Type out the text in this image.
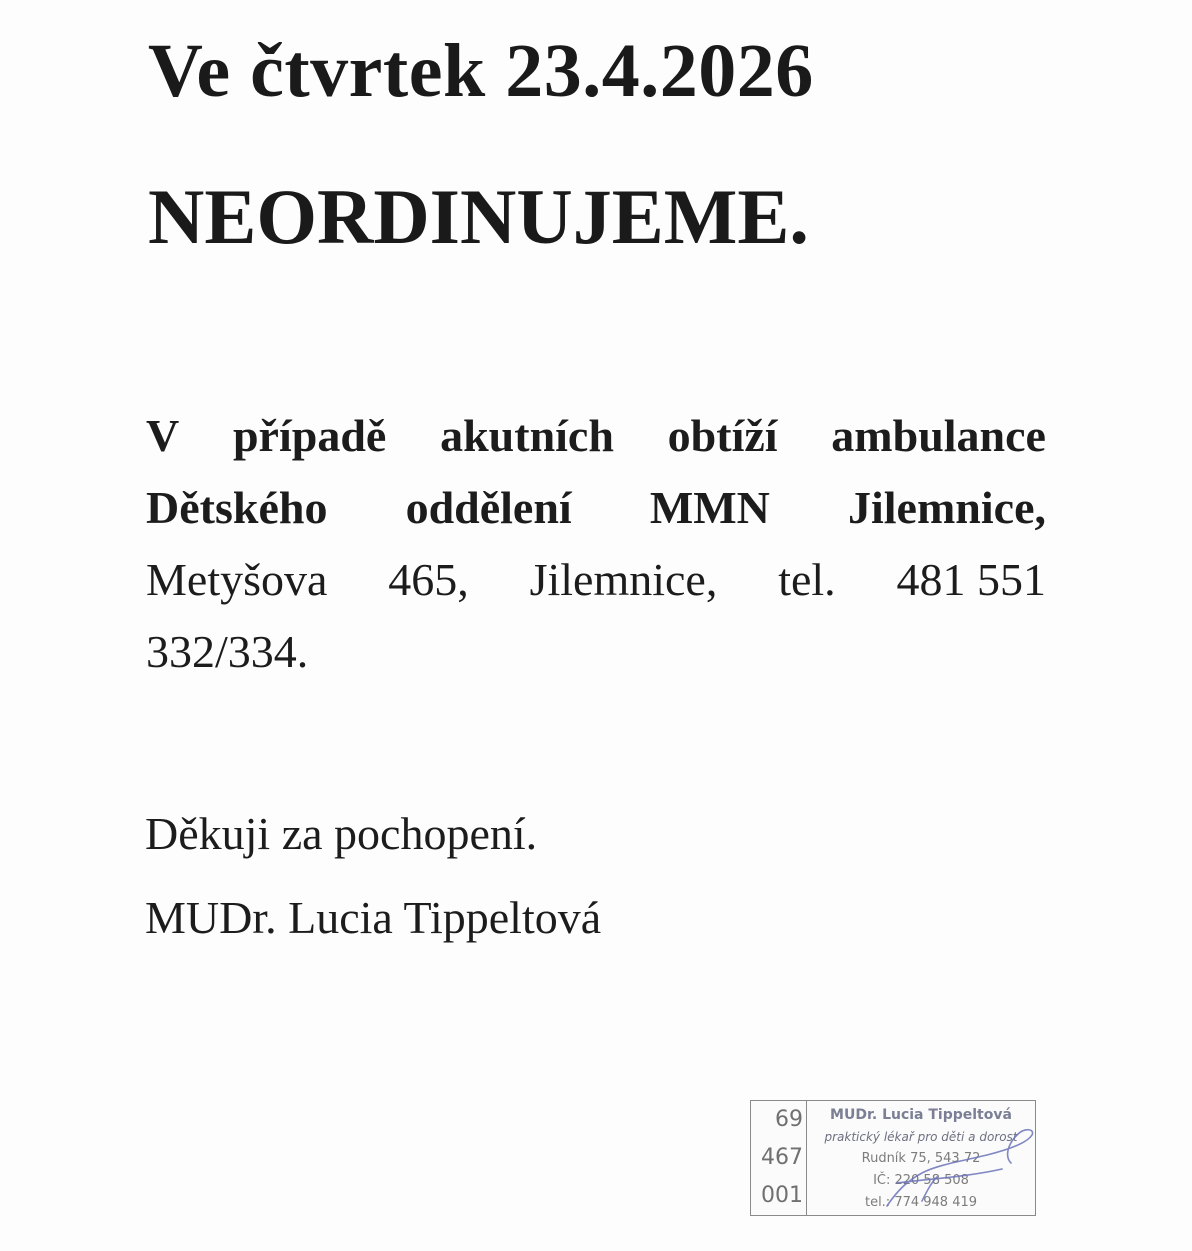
Ve čtvrtek 23.4.2026
NEORDINUJEME.
V případě akutních obtíží ambulance
Dětského oddělení MMN Jilemnice,
Metyšova 465, Jilemnice, tel. 481 551
332/334.

Děkuji za pochopení.

MUDr. Lucia Tippeltová

69
467
001
MUDr. Lucia Tippeltová
praktický lékař pro děti a dorost
Rudník 75, 543 72
IČ: 220 58 508
tel.: 774 948 419
